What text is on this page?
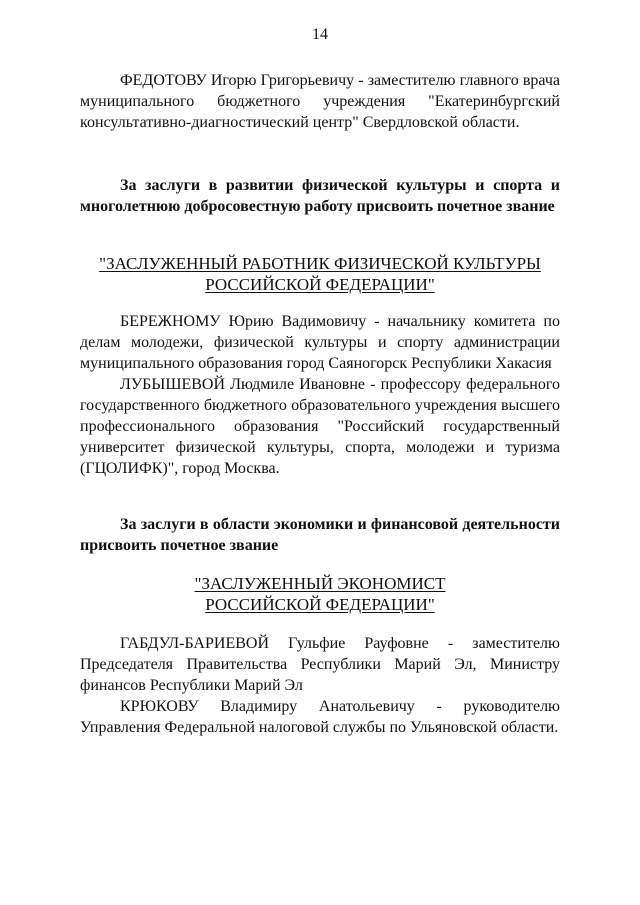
14

ФЕДОТОВУ Игорю Григорьевичу - заместителю главного врача муниципального бюджетного учреждения "Екатеринбургский консультативно-диагностический центр" Свердловской области.

За заслуги в развитии физической культуры и спорта и многолетнюю добросовестную работу присвоить почетное звание

"ЗАСЛУЖЕННЫЙ РАБОТНИК ФИЗИЧЕСКОЙ КУЛЬТУРЫ
РОССИЙСКОЙ ФЕДЕРАЦИИ"

БЕРЕЖНОМУ Юрию Вадимовичу - начальнику комитета по делам молодежи, физической культуры и спорту администрации муниципального образования город Саяногорск Республики Хакасия

ЛУБЫШЕВОЙ Людмиле Ивановне - профессору федерального государственного бюджетного образовательного учреждения высшего профессионального образования "Российский государственный университет физической культуры, спорта, молодежи и туризма (ГЦОЛИФК)", город Москва.

За заслуги в области экономики и финансовой деятельности присвоить почетное звание

"ЗАСЛУЖЕННЫЙ ЭКОНОМИСТ
РОССИЙСКОЙ ФЕДЕРАЦИИ"

ГАБДУЛ-БАРИЕВОЙ Гульфие Рауфовне - заместителю Председателя Правительства Республики Марий Эл, Министру финансов Республики Марий Эл

КРЮКОВУ Владимиру Анатольевичу - руководителю Управления Федеральной налоговой службы по Ульяновской области.
